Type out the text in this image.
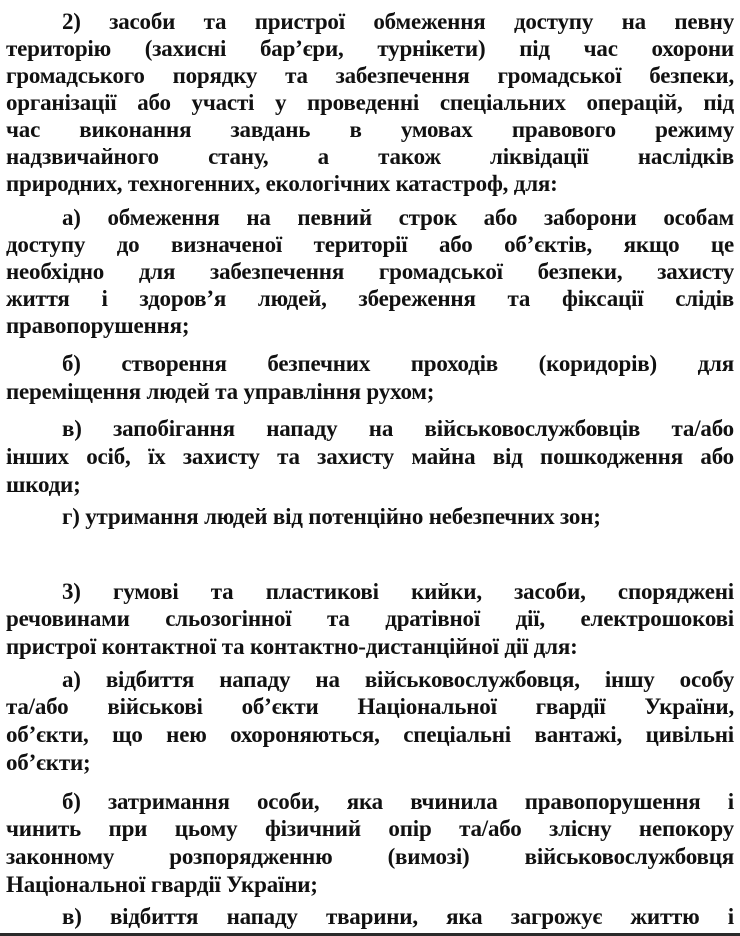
2) засоби та пристрої обмеження доступу на певну
територію (захисні бар’єри, турнікети) під час охорони
громадського порядку та забезпечення громадської безпеки,
організації або участі у проведенні спеціальних операцій, під
час виконання завдань в умовах правового режиму
надзвичайного стану, а також ліквідації наслідків
природних, техногенних, екологічних катастроф, для:
а) обмеження на певний строк або заборони особам
доступу до визначеної території або об’єктів, якщо це
необхідно для забезпечення громадської безпеки, захисту
життя і здоров’я людей, збереження та фіксації слідів
правопорушення;
б) створення безпечних проходів (коридорів) для
переміщення людей та управління рухом;
в) запобігання нападу на військовослужбовців та/або
інших осіб, їх захисту та захисту майна від пошкодження або
шкоди;
г) утримання людей від потенційно небезпечних зон;
3) гумові та пластикові кийки, засоби, споряджені
речовинами сльозогінної та дратівної дії, електрошокові
пристрої контактної та контактно-дистанційної дії для:
а) відбиття нападу на військовослужбовця, іншу особу
та/або військові об’єкти Національної гвардії України,
об’єкти, що нею охороняються, спеціальні вантажі, цивільні
об’єкти;
б) затримання особи, яка вчинила правопорушення і
чинить при цьому фізичний опір та/або злісну непокору
законному розпорядженню (вимозі) військовослужбовця
Національної гвардії України;
в) відбиття нападу тварини, яка загрожує життю і
